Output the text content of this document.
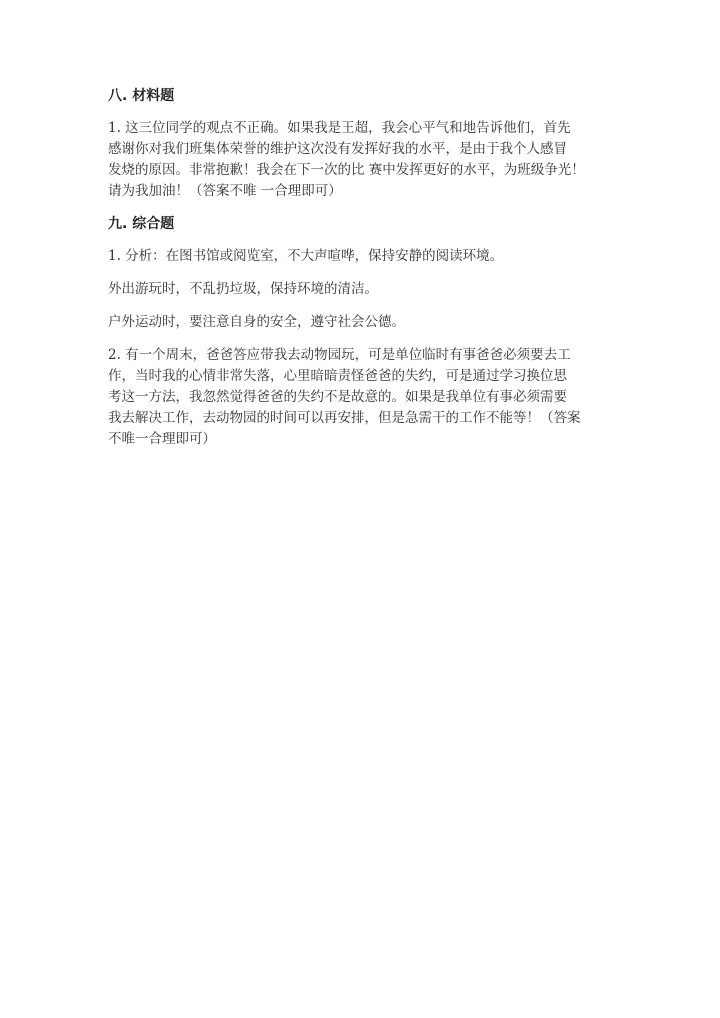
八. 材料题

1. 这三位同学的观点不正确。如果我是王超，我会心平气和地告诉他们，首先
感谢你对我们班集体荣誉的维护这次没有发挥好我的水平，是由于我个人感冒
发烧的原因。非常抱歉！我会在下一次的比 赛中发挥更好的水平，为班级争光！
请为我加油！（答案不唯 一合理即可）

九. 综合题

1. 分析：在图书馆或阅览室，不大声喧哗，保持安静的阅读环境。

外出游玩时，不乱扔垃圾，保持环境的清洁。

户外运动时，要注意自身的安全，遵守社会公德。

2. 有一个周末，爸爸答应带我去动物园玩，可是单位临时有事爸爸必须要去工
作，当时我的心情非常失落，心里暗暗责怪爸爸的失约，可是通过学习换位思
考这一方法，我忽然觉得爸爸的失约不是故意的。如果是我单位有事必须需要
我去解决工作，去动物园的时间可以再安排，但是急需干的工作不能等！（答案
不唯一合理即可）
